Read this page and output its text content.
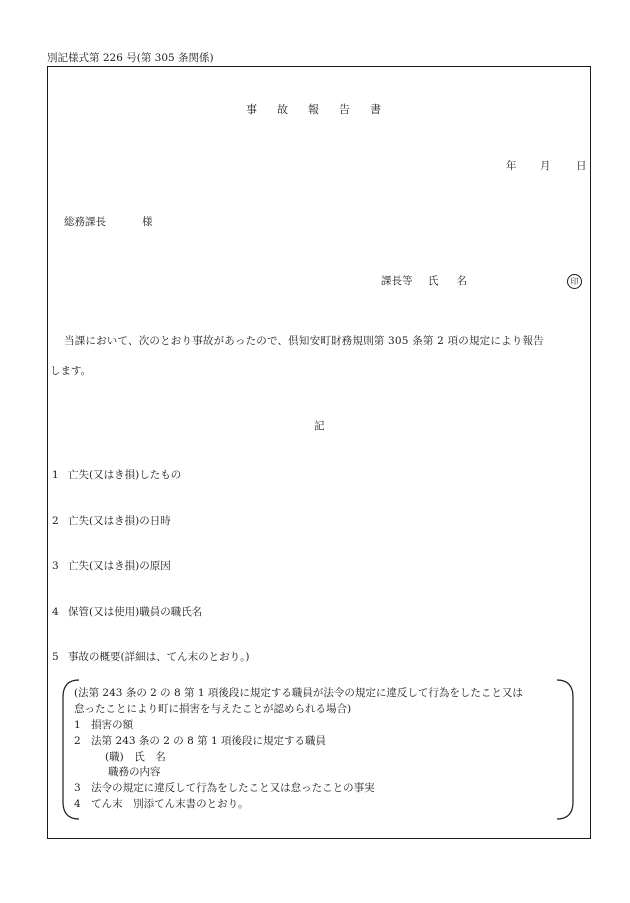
別記様式第 226 号(第 305 条関係)
事故報告書
年 月 日
総務課長	様
課長等 氏名	印
当課において、次のとおり事故があったので、倶知安町財務規則第 305 条第 2 項の規定により報告
します。
記
1 亡失(又はき損)したもの
2 亡失(又はき損)の日時
3 亡失(又はき損)の原因
4 保管(又は使用)職員の職氏名
5 事故の概要(詳細は、てん末のとおり。)
(法第 243 条の 2 の 8 第 1 項後段に規定する職員が法令の規定に違反して行為をしたこと又は
怠ったことにより町に損害を与えたことが認められる場合)
1　損害の額
2　法第 243 条の 2 の 8 第 1 項後段に規定する職員
(職)　氏　名
職務の内容
3　法令の規定に違反して行為をしたこと又は怠ったことの事実
4　てん末　別添てん末書のとおり。
